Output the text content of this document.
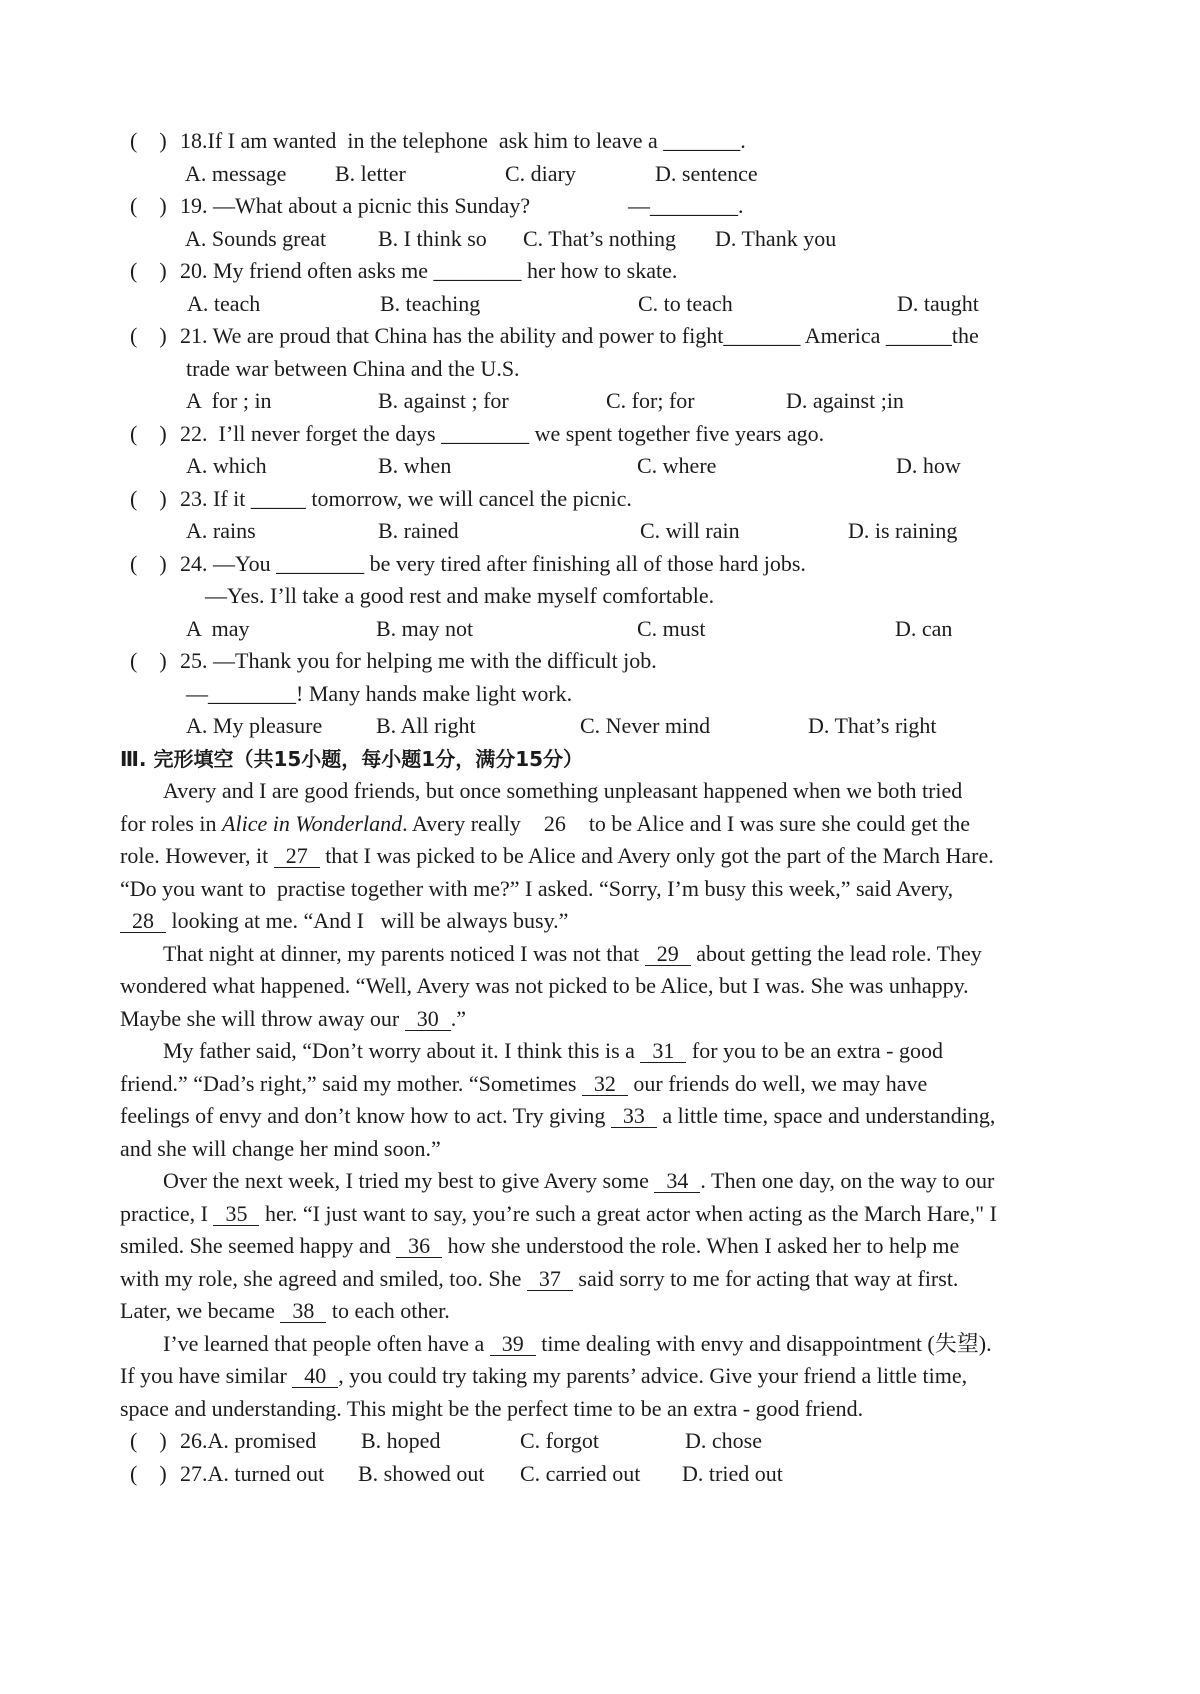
(    ) 18.If I am wanted  in the telephone  ask him to leave a _______.
A. message B. letter	C. diary	D. sentence
(    ) 19. —What about a picnic this Sunday?	—________.
A. Sounds great B. I think so C. That’s nothing D. Thank you
(    ) 20. My friend often asks me ________ her how to skate.
A. teach	B. teaching	C. to teach	D. taught
(    ) 21. We are proud that China has the ability and power to fight_______ America ______the
trade war between China and the U.S.
A  for ; in	B. against ; for	C. for; for	D. against ;in
(    ) 22.  I’ll never forget the days ________ we spent together five years ago.
A. which	B. when	C. where	D. how
(    ) 23. If it _____ tomorrow, we will cancel the picnic.
A. rains	B. rained	C. will rain	D. is raining
(    ) 24. —You ________ be very tired after finishing all of those hard jobs.
—Yes. I’ll take a good rest and make myself comfortable.
A  may	B. may not	C. must	D. can
(    ) 25. —Thank you for helping me with the difficult job.
—________! Many hands make light work.
A. My pleasure B. All right	C. Never mind	D. That’s right
Ⅲ. 完形填空（共15小题，每小题1分，满分15分）
Avery and I are good friends, but once something unpleasant happened when we both tried
for roles in Alice in Wonderland. Avery really  26  to be Alice and I was sure she could get the
role. However, it 27 that I was picked to be Alice and Avery only got the part of the March Hare.
“Do you want to  practise together with me?” I asked. “Sorry, I’m busy this week,” said Avery,
28 looking at me. “And I   will be always busy.”
That night at dinner, my parents noticed I was not that 29 about getting the lead role. They
wondered what happened. “Well, Avery was not picked to be Alice, but I was. She was unhappy.
Maybe she will throw away our 30 .”
My father said, “Don’t worry about it. I think this is a 31 for you to be an extra - good
friend.” “Dad’s right,” said my mother. “Sometimes 32 our friends do well, we may have
feelings of envy and don’t know how to act. Try giving 33 a little time, space and understanding,
and she will change her mind soon.”
Over the next week, I tried my best to give Avery some 34 . Then one day, on the way to our
practice, I 35 her. “I just want to say, you’re such a great actor when acting as the March Hare," I
smiled. She seemed happy and 36 how she understood the role. When I asked her to help me
with my role, she agreed and smiled, too. She 37 said sorry to me for acting that way at first.
Later, we became 38 to each other.
I’ve learned that people often have a 39 time dealing with envy and disappointment (失望).
If you have similar 40 , you could try taking my parents’ advice. Give your friend a little time,
space and understanding. This might be the perfect time to be an extra - good friend.
(    ) 26.A. promised B. hoped	C. forgot	D. chose
(    ) 27.A. turned out B. showed out C. carried out D. tried out
